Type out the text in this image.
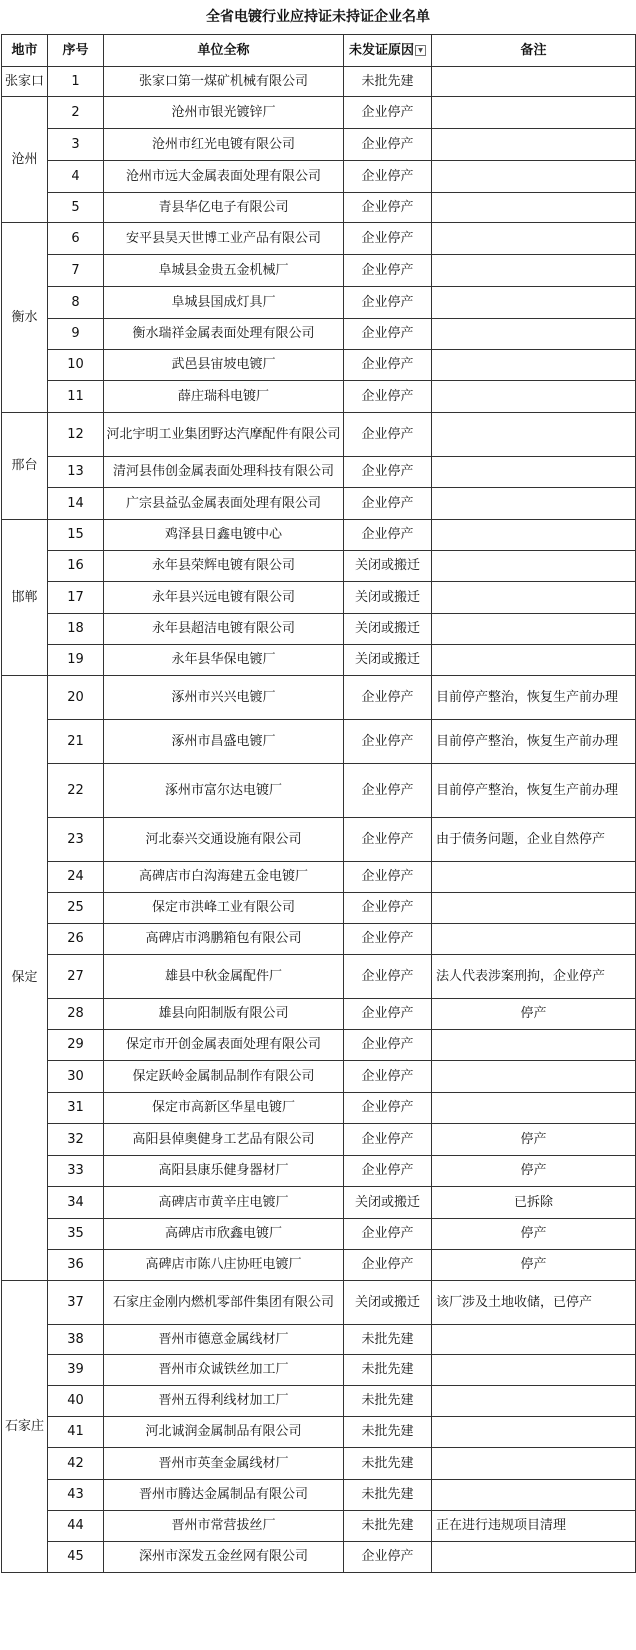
全省电镀行业应持证未持证企业名单
地市	序号	单位全称	未发证原因 ▼	备注
张家口	1	张家口第一煤矿机械有限公司	未批先建	
沧州	2	沧州市银光镀锌厂	企业停产	
	3	沧州市红光电镀有限公司	企业停产	
	4	沧州市远大金属表面处理有限公司	企业停产	
	5	青县华亿电子有限公司	企业停产	
衡水	6	安平县昊天世博工业产品有限公司	企业停产	
	7	阜城县金贵五金机械厂	企业停产	
	8	阜城县国成灯具厂	企业停产	
	9	衡水瑞祥金属表面处理有限公司	企业停产	
	10	武邑县宙坡电镀厂	企业停产	
	11	薛庄瑞科电镀厂	企业停产	
邢台	12	河北宇明工业集团野达汽摩配件有限公司	企业停产	
	13	清河县伟创金属表面处理科技有限公司	企业停产	
	14	广宗县益弘金属表面处理有限公司	企业停产	
邯郸	15	鸡泽县日鑫电镀中心	企业停产	
	16	永年县荣辉电镀有限公司	关闭或搬迁	
	17	永年县兴远电镀有限公司	关闭或搬迁	
	18	永年县超洁电镀有限公司	关闭或搬迁	
	19	永年县华保电镀厂	关闭或搬迁	
保定	20	涿州市兴兴电镀厂	企业停产	目前停产整治，恢复生产前办理
	21	涿州市昌盛电镀厂	企业停产	目前停产整治，恢复生产前办理
	22	涿州市富尔达电镀厂	企业停产	目前停产整治，恢复生产前办理
	23	河北泰兴交通设施有限公司	企业停产	由于债务问题，企业自然停产
	24	高碑店市白沟海建五金电镀厂	企业停产	
	25	保定市洪峰工业有限公司	企业停产	
	26	高碑店市鸿鹏箱包有限公司	企业停产	
	27	雄县中秋金属配件厂	企业停产	法人代表涉案刑拘，企业停产
	28	雄县向阳制版有限公司	企业停产	停产
	29	保定市开创金属表面处理有限公司	企业停产	
	30	保定跃岭金属制品制作有限公司	企业停产	
	31	保定市高新区华星电镀厂	企业停产	
	32	高阳县倬奥健身工艺品有限公司	企业停产	停产
	33	高阳县康乐健身器材厂	企业停产	停产
	34	高碑店市黄辛庄电镀厂	关闭或搬迁	已拆除
	35	高碑店市欣鑫电镀厂	企业停产	停产
	36	高碑店市陈八庄协旺电镀厂	企业停产	停产
石家庄	37	石家庄金刚内燃机零部件集团有限公司	关闭或搬迁	该厂涉及土地收储，已停产
	38	晋州市德意金属线材厂	未批先建	
	39	晋州市众诚铁丝加工厂	未批先建	
	40	晋州五得利线材加工厂	未批先建	
	41	河北诚润金属制品有限公司	未批先建	
	42	晋州市英奎金属线材厂	未批先建	
	43	晋州市腾达金属制品有限公司	未批先建	
	44	晋州市常营拔丝厂	未批先建	正在进行违规项目清理
	45	深州市深发五金丝网有限公司	企业停产	
